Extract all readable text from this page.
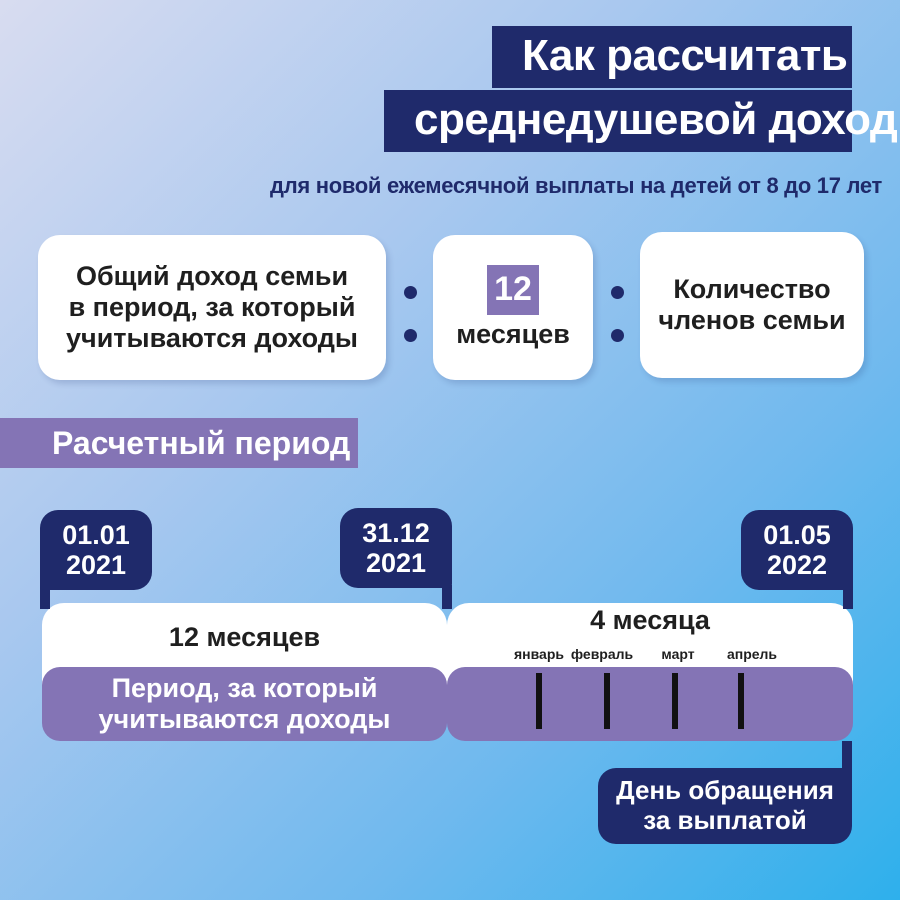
Как рассчитать
среднедушевой доход
для новой ежемесячной выплаты на детей от 8 до 17 лет
Общий доход семьи
в период, за который
учитываются доходы
12
месяцев
Количество
членов семьи
Расчетный период
Период, за который
учитываются доходы
12 месяцев
4 месяца
январь февраль	март	апрель
01.01
2021
31.12
2021
01.05
2022
День обращения
за выплатой
